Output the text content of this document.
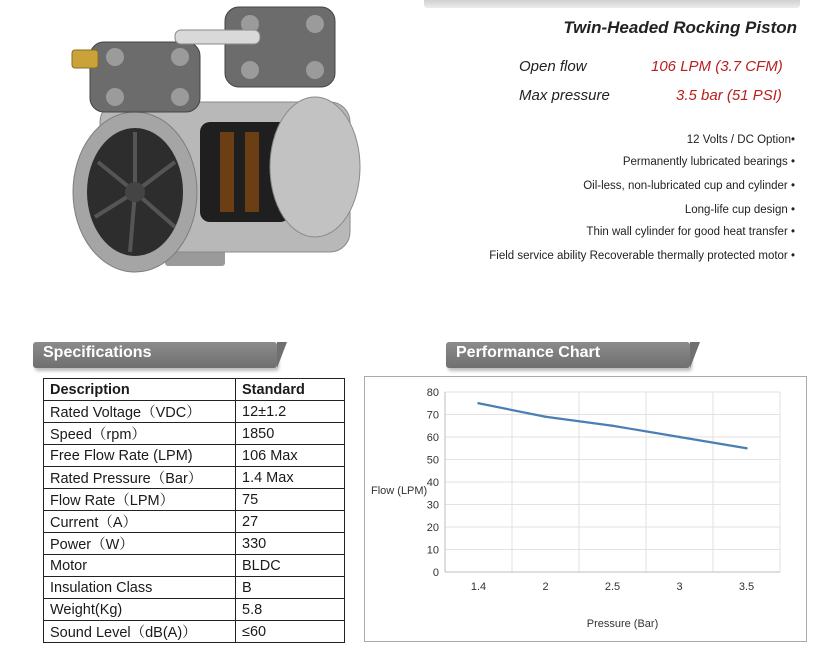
Twin-Headed Rocking Piston
Open flow	106 LPM (3.7 CFM)
Max pressure	3.5 bar (51 PSI)
12 Volts / DC Option•
Permanently lubricated bearings •
Oil-less, non-lubricated cup and cylinder •
Long-life cup design •
Thin wall cylinder for good heat transfer •
Field service ability Recoverable thermally protected motor •
Specifications	Performance Chart
Description	Standard
Rated Voltage（VDC）	12±1.2
Speed（rpm）	1850
Free Flow Rate (LPM)	106 Max
Rated Pressure（Bar）	1.4 Max
Flow Rate（LPM）	75
Current（A）	27
Power（W）	330
Motor	BLDC
Insulation Class	B
Weight(Kg)	5.8
Sound Level（dB(A)）	≤60
0
10
20
30
40
50
60
70
80
1.4	2	2.5	3	3.5
Flow (LPM)
Pressure (Bar)
